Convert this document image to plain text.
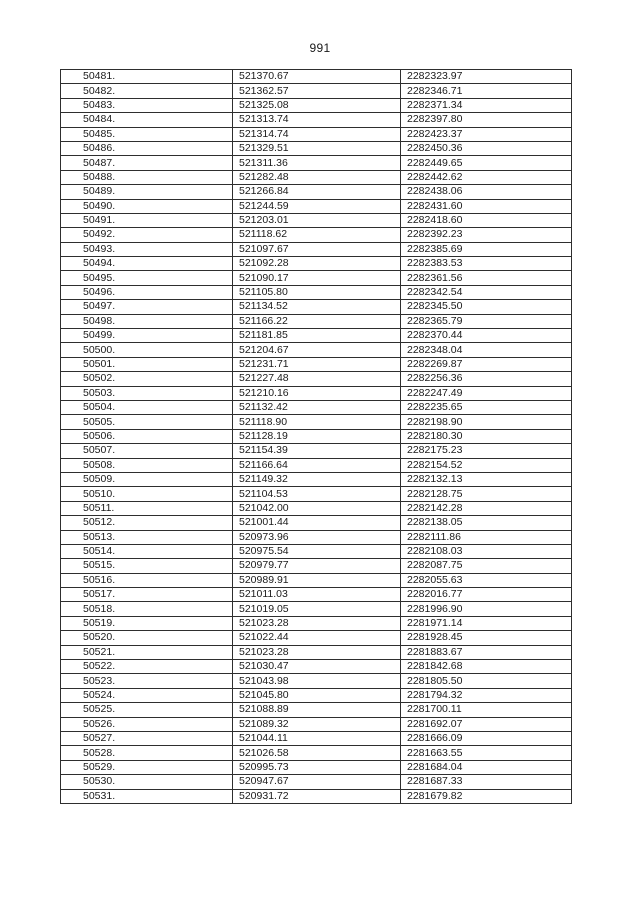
991
50481.	521370.67	2282323.97
50482.	521362.57	2282346.71
50483.	521325.08	2282371.34
50484.	521313.74	2282397.80
50485.	521314.74	2282423.37
50486.	521329.51	2282450.36
50487.	521311.36	2282449.65
50488.	521282.48	2282442.62
50489.	521266.84	2282438.06
50490.	521244.59	2282431.60
50491.	521203.01	2282418.60
50492.	521118.62	2282392.23
50493.	521097.67	2282385.69
50494.	521092.28	2282383.53
50495.	521090.17	2282361.56
50496.	521105.80	2282342.54
50497.	521134.52	2282345.50
50498.	521166.22	2282365.79
50499.	521181.85	2282370.44
50500.	521204.67	2282348.04
50501.	521231.71	2282269.87
50502.	521227.48	2282256.36
50503.	521210.16	2282247.49
50504.	521132.42	2282235.65
50505.	521118.90	2282198.90
50506.	521128.19	2282180.30
50507.	521154.39	2282175.23
50508.	521166.64	2282154.52
50509.	521149.32	2282132.13
50510.	521104.53	2282128.75
50511.	521042.00	2282142.28
50512.	521001.44	2282138.05
50513.	520973.96	2282111.86
50514.	520975.54	2282108.03
50515.	520979.77	2282087.75
50516.	520989.91	2282055.63
50517.	521011.03	2282016.77
50518.	521019.05	2281996.90
50519.	521023.28	2281971.14
50520.	521022.44	2281928.45
50521.	521023.28	2281883.67
50522.	521030.47	2281842.68
50523.	521043.98	2281805.50
50524.	521045.80	2281794.32
50525.	521088.89	2281700.11
50526.	521089.32	2281692.07
50527.	521044.11	2281666.09
50528.	521026.58	2281663.55
50529.	520995.73	2281684.04
50530.	520947.67	2281687.33
50531.	520931.72	2281679.82
